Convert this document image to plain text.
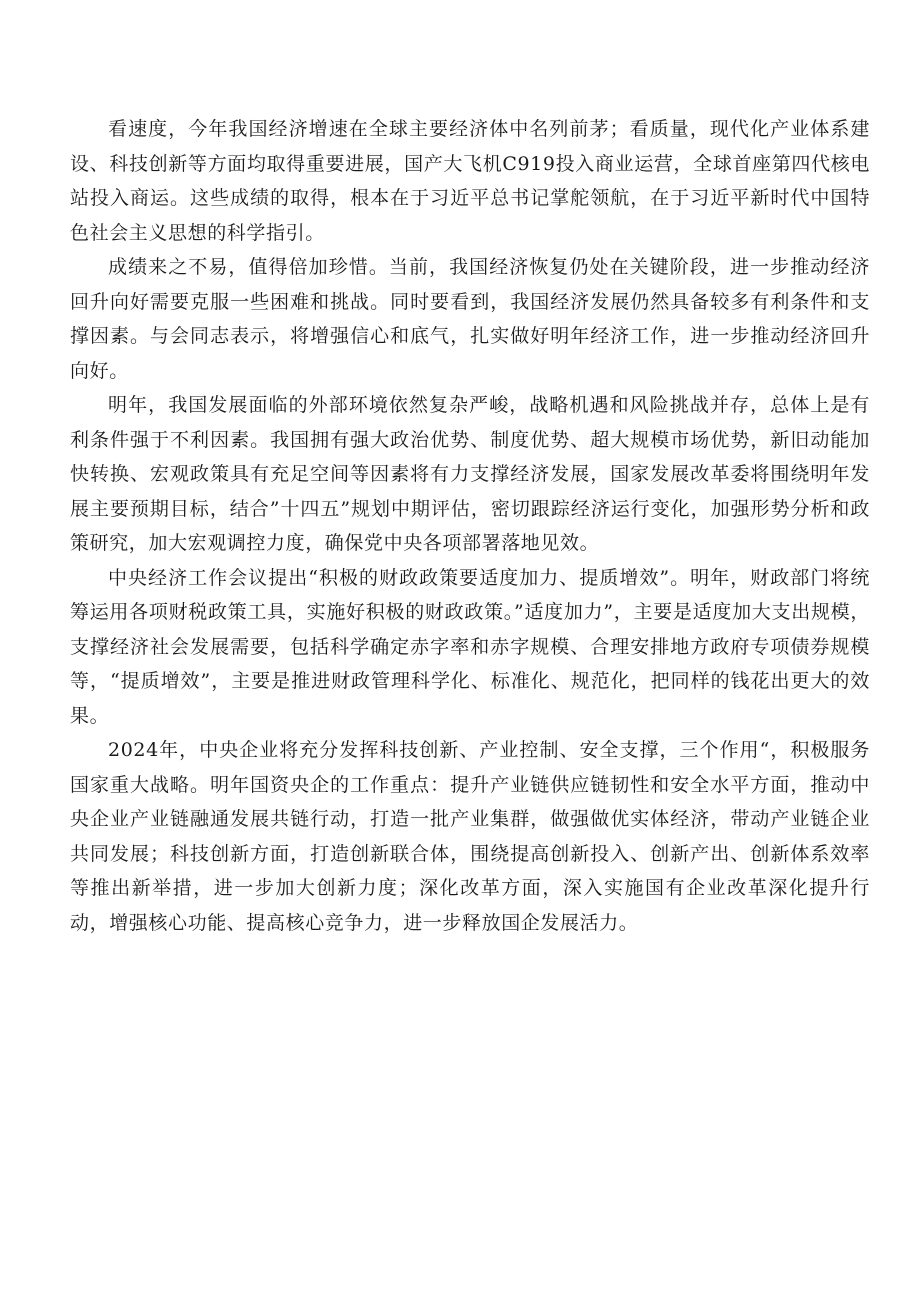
看速度，今年我国经济增速在全球主要经济体中名列前茅；看质量，现代化产业体系建设、科技创新等方面均取得重要进展，国产大飞机C919投入商业运营，全球首座第四代核电站投入商运。这些成绩的取得，根本在于习近平总书记掌舵领航，在于习近平新时代中国特色社会主义思想的科学指引。

成绩来之不易，值得倍加珍惜。当前，我国经济恢复仍处在关键阶段，进一步推动经济回升向好需要克服一些困难和挑战。同时要看到，我国经济发展仍然具备较多有利条件和支撑因素。与会同志表示，将增强信心和底气，扎实做好明年经济工作，进一步推动经济回升向好。

明年，我国发展面临的外部环境依然复杂严峻，战略机遇和风险挑战并存，总体上是有利条件强于不利因素。我国拥有强大政治优势、制度优势、超大规模市场优势，新旧动能加快转换、宏观政策具有充足空间等因素将有力支撑经济发展，国家发展改革委将围绕明年发展主要预期目标，结合”十四五”规划中期评估，密切跟踪经济运行变化，加强形势分析和政策研究，加大宏观调控力度，确保党中央各项部署落地见效。

中央经济工作会议提出“积极的财政政策要适度加力、提质增效”。明年，财政部门将统筹运用各项财税政策工具，实施好积极的财政政策。”适度加力”，主要是适度加大支出规模，支撑经济社会发展需要，包括科学确定赤字率和赤字规模、合理安排地方政府专项债券规模等，“提质增效”，主要是推进财政管理科学化、标准化、规范化，把同样的钱花出更大的效果。

2024年，中央企业将充分发挥科技创新、产业控制、安全支撑，三个作用“，积极服务国家重大战略。明年国资央企的工作重点：提升产业链供应链韧性和安全水平方面，推动中央企业产业链融通发展共链行动，打造一批产业集群，做强做优实体经济，带动产业链企业共同发展；科技创新方面，打造创新联合体，围绕提高创新投入、创新产出、创新体系效率等推出新举措，进一步加大创新力度；深化改革方面，深入实施国有企业改革深化提升行动，增强核心功能、提高核心竞争力，进一步释放国企发展活力。
